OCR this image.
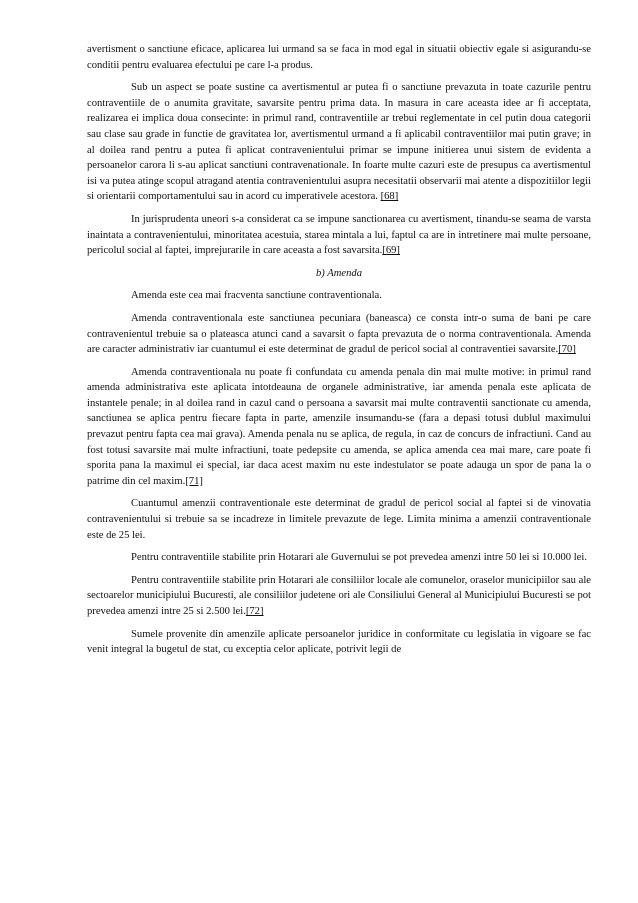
avertisment o sanctiune eficace, aplicarea lui urmand sa se faca in mod egal in situatii obiectiv egale si asigurandu-se conditii pentru evaluarea efectului pe care l-a produs.

Sub un aspect se poate sustine ca avertismentul ar putea fi o sanctiune prevazuta in toate cazurile pentru contraventiile de o anumita gravitate, savarsite pentru prima data. In masura in care aceasta idee ar fi acceptata, realizarea ei implica doua consecinte: in primul rand, contraventiile ar trebui reglementate in cel putin doua categorii sau clase sau grade in functie de gravitatea lor, avertismentul urmand a fi aplicabil contraventiilor mai putin grave; in al doilea rand pentru a putea fi aplicat contravenientului primar se impune initierea unui sistem de evidenta a persoanelor carora li s-au aplicat sanctiuni contravenationale. In foarte multe cazuri este de presupus ca avertismentul isi va putea atinge scopul atragand atentia contravenientului asupra necesitatii observarii mai atente a dispozitiilor legii si orientarii comportamentului sau in acord cu imperativele acestora. [68]

In jurisprudenta uneori s-a considerat ca se impune sanctionarea cu avertisment, tinandu-se seama de varsta inaintata a contravenientului, minoritatea acestuia, starea mintala a lui, faptul ca are in intretinere mai multe persoane, pericolul social al faptei, imprejurarile in care aceasta a fost savarsita.[69]

b) Amenda

Amenda este cea mai fracventa sanctiune contraventionala.

Amenda contraventionala este sanctiunea pecuniara (baneasca) ce consta intr-o suma de bani pe care contravenientul trebuie sa o plateasca atunci cand a savarsit o fapta prevazuta de o norma contraventionala. Amenda are caracter administrativ iar cuantumul ei este determinat de gradul de pericol social al contraventiei savarsite.[70]

Amenda contraventionala nu poate fi confundata cu amenda penala din mai multe motive: in primul rand amenda administrativa este aplicata intotdeauna de organele administrative, iar amenda penala este aplicata de instantele penale; in al doilea rand in cazul cand o persoana a savarsit mai multe contraventii sanctionate cu amenda, sanctiunea se aplica pentru fiecare fapta in parte, amenzile insumandu-se (fara a depasi totusi dublul maximului prevazut pentru fapta cea mai grava). Amenda penala nu se aplica, de regula, in caz de concurs de infractiuni. Cand au fost totusi savarsite mai multe infractiuni, toate pedepsite cu amenda, se aplica amenda cea mai mare, care poate fi sporita pana la maximul ei special, iar daca acest maxim nu este indestulator se poate adauga un spor de pana la o patrime din cel maxim.[71]

Cuantumul amenzii contraventionale este determinat de gradul de pericol social al faptei si de vinovatia contravenientului si trebuie sa se incadreze in limitele prevazute de lege. Limita minima a amenzii contraventionale este de 25 lei.

Pentru contraventiile stabilite prin Hotarari ale Guvernului se pot prevedea amenzi intre 50 lei si 10.000 lei.

Pentru contraventiile stabilite prin Hotarari ale consiliilor locale ale comunelor, oraselor municipiilor sau ale sectoarelor municipiului Bucuresti, ale consiliilor judetene ori ale Consiliului General al Municipiului Bucuresti se pot prevedea amenzi intre 25 si 2.500 lei.[72]

Sumele provenite din amenzile aplicate persoanelor juridice in conformitate cu legislatia in vigoare se fac venit integral la bugetul de stat, cu exceptia celor aplicate, potrivit legii de
